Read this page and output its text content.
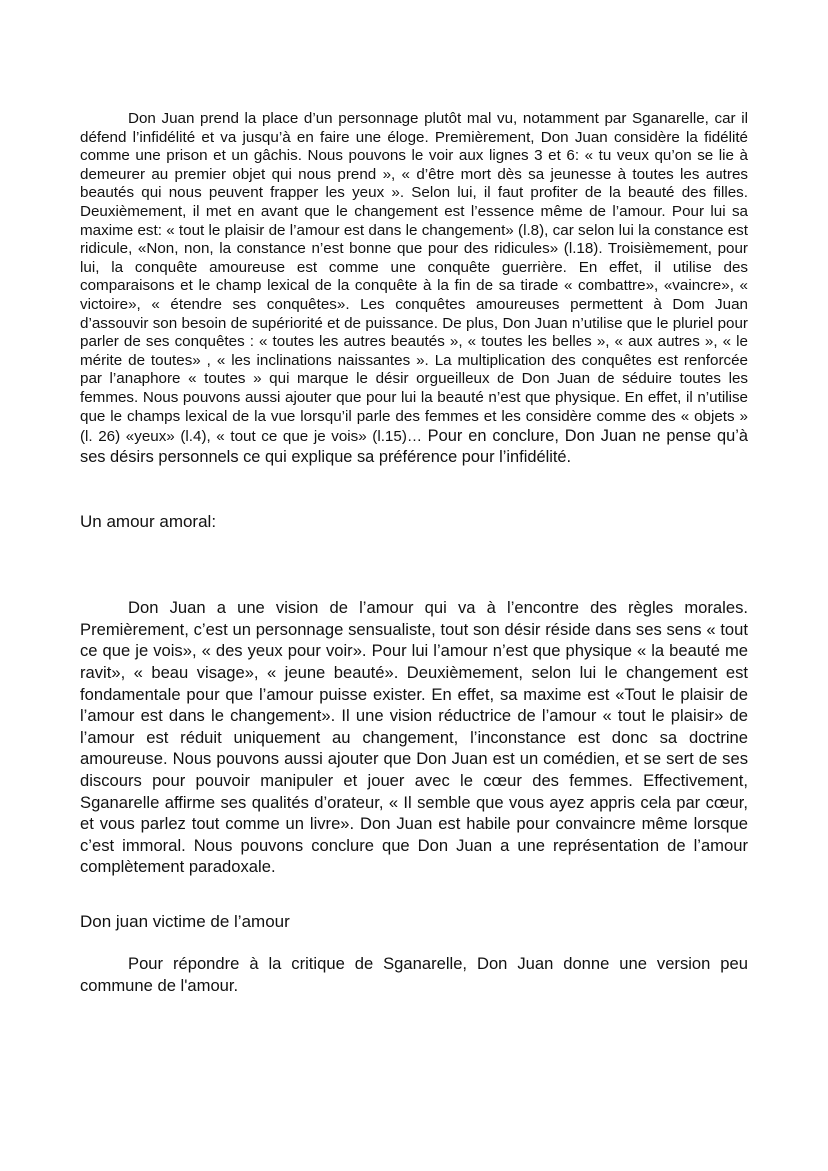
Don Juan prend la place d’un personnage plutôt mal vu, notamment par Sganarelle, car il défend l’infidélité et va jusqu’à en faire une éloge. Premièrement, Don Juan considère la fidélité comme une prison et un gâchis. Nous pouvons le voir aux lignes 3 et 6: « tu veux qu’on se lie à demeurer au premier objet qui nous prend », « d’être mort dès sa jeunesse à toutes les autres beautés qui nous peuvent frapper les yeux ». Selon lui, il faut profiter de la beauté des filles. Deuxièmement, il met en avant que le changement est l’essence même de l’amour. Pour lui sa maxime est: « tout le plaisir de l’amour est dans le changement» (l.8), car selon lui la constance est ridicule, «Non, non, la constance n’est bonne que pour des ridicules» (l.18). Troisièmement, pour lui, la conquête amoureuse est comme une conquête guerrière. En effet, il utilise des comparaisons et le champ lexical de la conquête à la fin de sa tirade « combattre», «vaincre», « victoire», « étendre ses conquêtes». Les conquêtes amoureuses permettent à Dom Juan d’assouvir son besoin de supériorité et de puissance. De plus, Don Juan n’utilise que le pluriel pour parler de ses conquêtes : « toutes les autres beautés », « toutes les belles », « aux autres », « le mérite de toutes» , « les inclinations naissantes ». La multiplication des conquêtes est renforcée par l’anaphore « toutes » qui marque le désir orgueilleux de Don Juan de séduire toutes les femmes. Nous pouvons aussi ajouter que pour lui la beauté n’est que physique. En effet, il n’utilise que le champs lexical de la vue lorsqu’il parle des femmes et les considère comme des « objets » (l. 26) «yeux» (l.4), « tout ce que je vois» (l.15)… Pour en conclure, Don Juan ne pense qu’à ses désirs personnels ce qui explique sa préférence pour l’infidélité.

Un amour amoral:

Don Juan a une vision de l’amour qui va à l’encontre des règles morales. Premièrement, c’est un personnage sensualiste, tout son désir réside dans ses sens « tout ce que je vois», « des yeux pour voir». Pour lui l’amour n’est que physique « la beauté me ravit», « beau visage», « jeune beauté». Deuxièmement, selon lui le changement est fondamentale pour que l’amour puisse exister. En effet, sa maxime est «Tout le plaisir de l’amour est dans le changement». Il une vision réductrice de l’amour « tout le plaisir» de l’amour est réduit uniquement au changement, l’inconstance est donc sa doctrine amoureuse. Nous pouvons aussi ajouter que Don Juan est un comédien, et se sert de ses discours pour pouvoir manipuler et jouer avec le cœur des femmes. Effectivement, Sganarelle affirme ses qualités d’orateur, « Il semble que vous ayez appris cela par cœur, et vous parlez tout comme un livre». Don Juan est habile pour convaincre même lorsque c’est immoral. Nous pouvons conclure que Don Juan a une représentation de l’amour complètement paradoxale.

Don juan victime de l’amour

Pour répondre à la critique de Sganarelle, Don Juan donne une version peu commune de l'amour.
